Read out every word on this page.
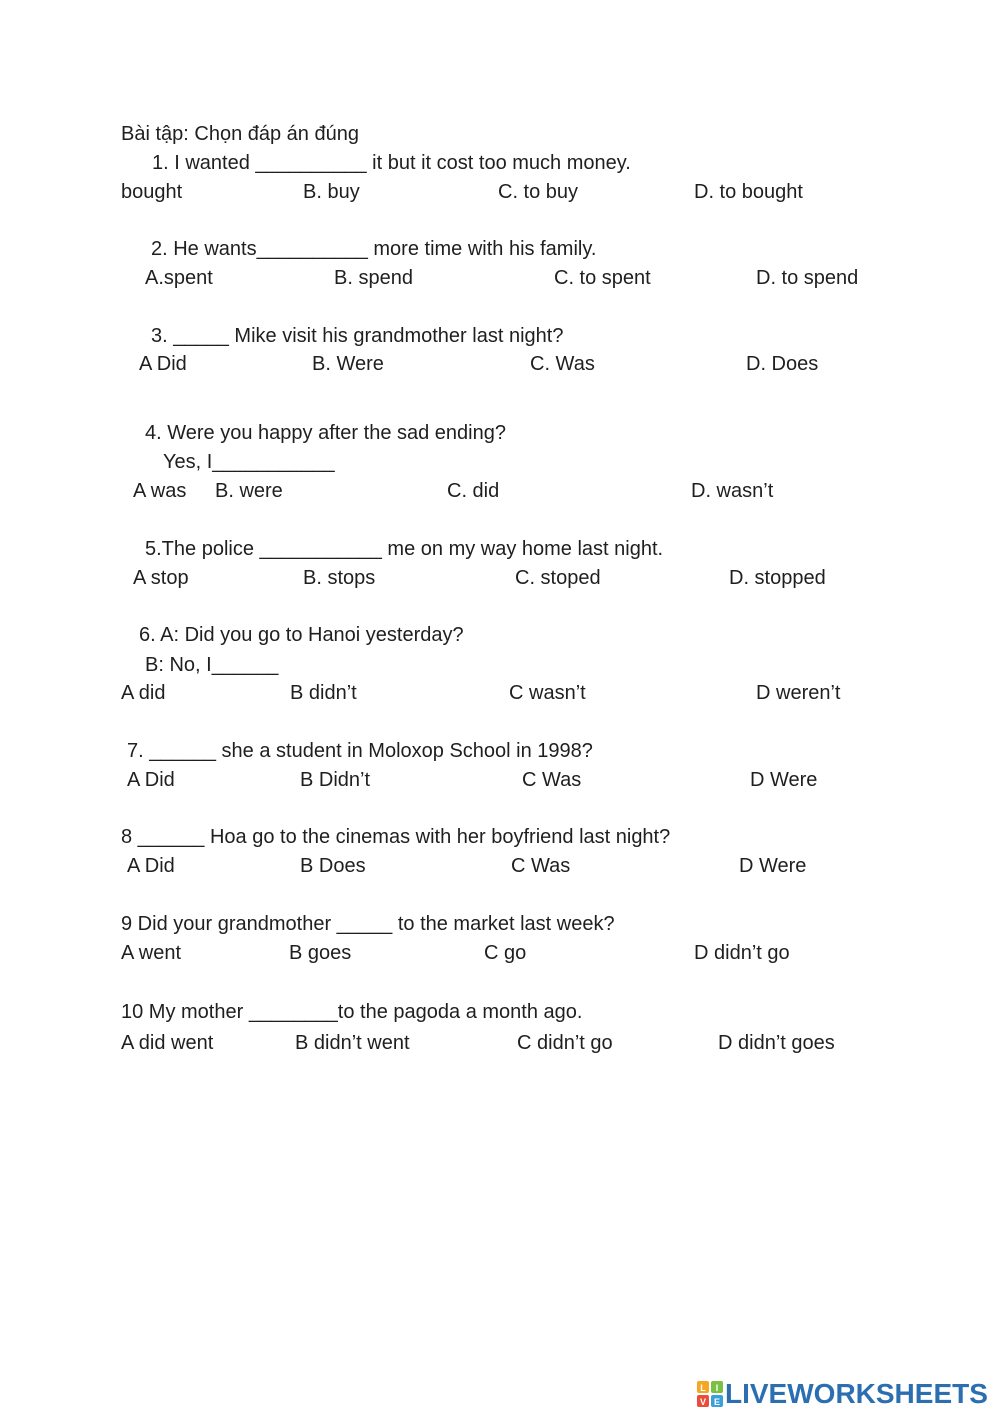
Bài tập: Chọn đáp án đúng
1. I wanted __________ it but it cost too much money.
bought	B. buy	C. to buy	D. to bought
2. He wants__________ more time with his family.
A.spent	B. spend	C. to spent	D. to spend
3. _____ Mike visit his grandmother last night?
A Did	B. Were	C. Was	D. Does
4. Were you happy after the sad ending?
Yes, I___________
A was B. were	C. did	D. wasn’t
5.The police ___________ me on my way home last night.
A stop	B. stops	C. stoped	D. stopped
6. A: Did you go to Hanoi yesterday?
B: No, I______
A did	B didn’t	C wasn’t	D weren’t
7. ______ she a student in Moloxop School in 1998?
A Did	B Didn’t	C Was	D Were
8 ______ Hoa go to the cinemas with her boyfriend last night?
A Did	B Does	C Was	D Were
9 Did your grandmother _____ to the market last week?
A went	B goes	C go	D didn’t go
10 My mother ________to the pagoda a month ago.
A did went	B didn’t went	C didn’t go	D didn’t goes
L I
V E LIVEWORKSHEETS
